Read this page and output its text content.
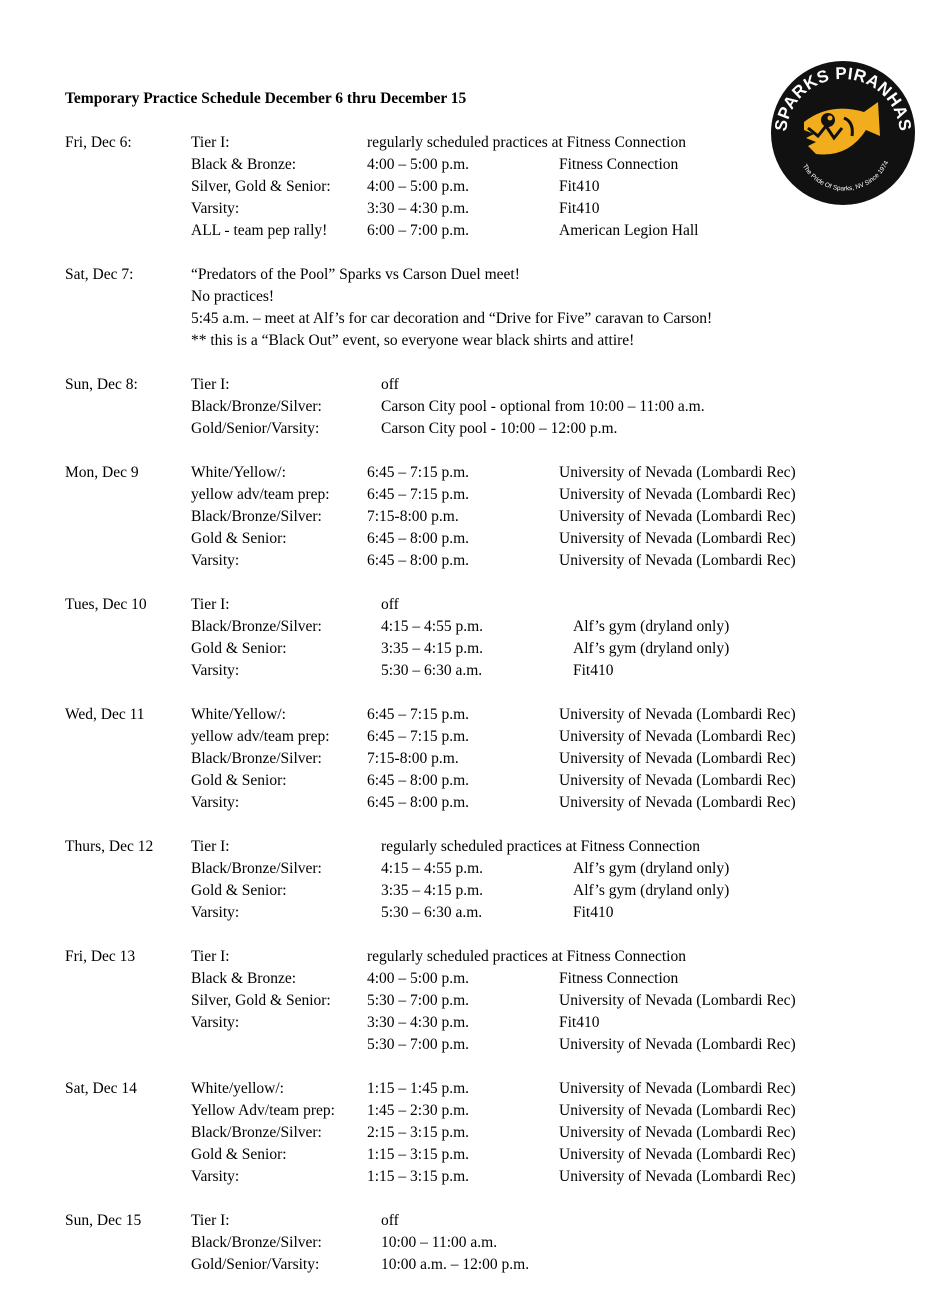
Temporary Practice Schedule December 6 thru December 15
SPARKS PIRANHAS
The Pride Of Sparks, NV Since 1974
Fri, Dec 6:	Tier I:	regularly scheduled practices at Fitness Connection
Black & Bronze:	4:00 – 5:00 p.m.	Fitness Connection
Silver, Gold & Senior: 4:00 – 5:00 p.m.	Fit410
Varsity:	3:30 – 4:30 p.m.	Fit410
ALL - team pep rally!	6:00 – 7:00 p.m.	American Legion Hall
Sat, Dec 7:	“Predators of the Pool” Sparks vs Carson Duel meet!
No practices!
5:45 a.m. – meet at Alf’s for car decoration and “Drive for Five” caravan to Carson!
** this is a “Black Out” event, so everyone wear black shirts and attire!
Sun, Dec 8:	Tier I:	off
Black/Bronze/Silver:	Carson City pool - optional from 10:00 – 11:00 a.m.
Gold/Senior/Varsity:	Carson City pool - 10:00 – 12:00 p.m.
Mon, Dec 9	White/Yellow/:	6:45 – 7:15 p.m.	University of Nevada (Lombardi Rec)
yellow adv/team prep: 6:45 – 7:15 p.m.	University of Nevada (Lombardi Rec)
Black/Bronze/Silver:	7:15-8:00 p.m.	University of Nevada (Lombardi Rec)
Gold & Senior:	6:45 – 8:00 p.m.	University of Nevada (Lombardi Rec)
Varsity:	6:45 – 8:00 p.m.	University of Nevada (Lombardi Rec)
Tues, Dec 10	Tier I:	off
Black/Bronze/Silver:	4:15 – 4:55 p.m.	Alf’s gym (dryland only)
Gold & Senior:	3:35 – 4:15 p.m.	Alf’s gym (dryland only)
Varsity:	5:30 – 6:30 a.m.	Fit410
Wed, Dec 11	White/Yellow/:	6:45 – 7:15 p.m.	University of Nevada (Lombardi Rec)
yellow adv/team prep: 6:45 – 7:15 p.m.	University of Nevada (Lombardi Rec)
Black/Bronze/Silver:	7:15-8:00 p.m.	University of Nevada (Lombardi Rec)
Gold & Senior:	6:45 – 8:00 p.m.	University of Nevada (Lombardi Rec)
Varsity:	6:45 – 8:00 p.m.	University of Nevada (Lombardi Rec)
Thurs, Dec 12 Tier I:	regularly scheduled practices at Fitness Connection
Black/Bronze/Silver:	4:15 – 4:55 p.m.	Alf’s gym (dryland only)
Gold & Senior:	3:35 – 4:15 p.m.	Alf’s gym (dryland only)
Varsity:	5:30 – 6:30 a.m.	Fit410
Fri, Dec 13	Tier I:	regularly scheduled practices at Fitness Connection
Black & Bronze:	4:00 – 5:00 p.m.	Fitness Connection
Silver, Gold & Senior: 5:30 – 7:00 p.m.	University of Nevada (Lombardi Rec)
Varsity:	3:30 – 4:30 p.m.	Fit410
5:30 – 7:00 p.m.	University of Nevada (Lombardi Rec)
Sat, Dec 14	White/yellow/:	1:15 – 1:45 p.m.	University of Nevada (Lombardi Rec)
Yellow Adv/team prep: 1:45 – 2:30 p.m.	University of Nevada (Lombardi Rec)
Black/Bronze/Silver:	2:15 – 3:15 p.m.	University of Nevada (Lombardi Rec)
Gold & Senior:	1:15 – 3:15 p.m.	University of Nevada (Lombardi Rec)
Varsity:	1:15 – 3:15 p.m.	University of Nevada (Lombardi Rec)
Sun, Dec 15	Tier I:	off
Black/Bronze/Silver:	10:00 – 11:00 a.m.
Gold/Senior/Varsity:	10:00 a.m. – 12:00 p.m.
